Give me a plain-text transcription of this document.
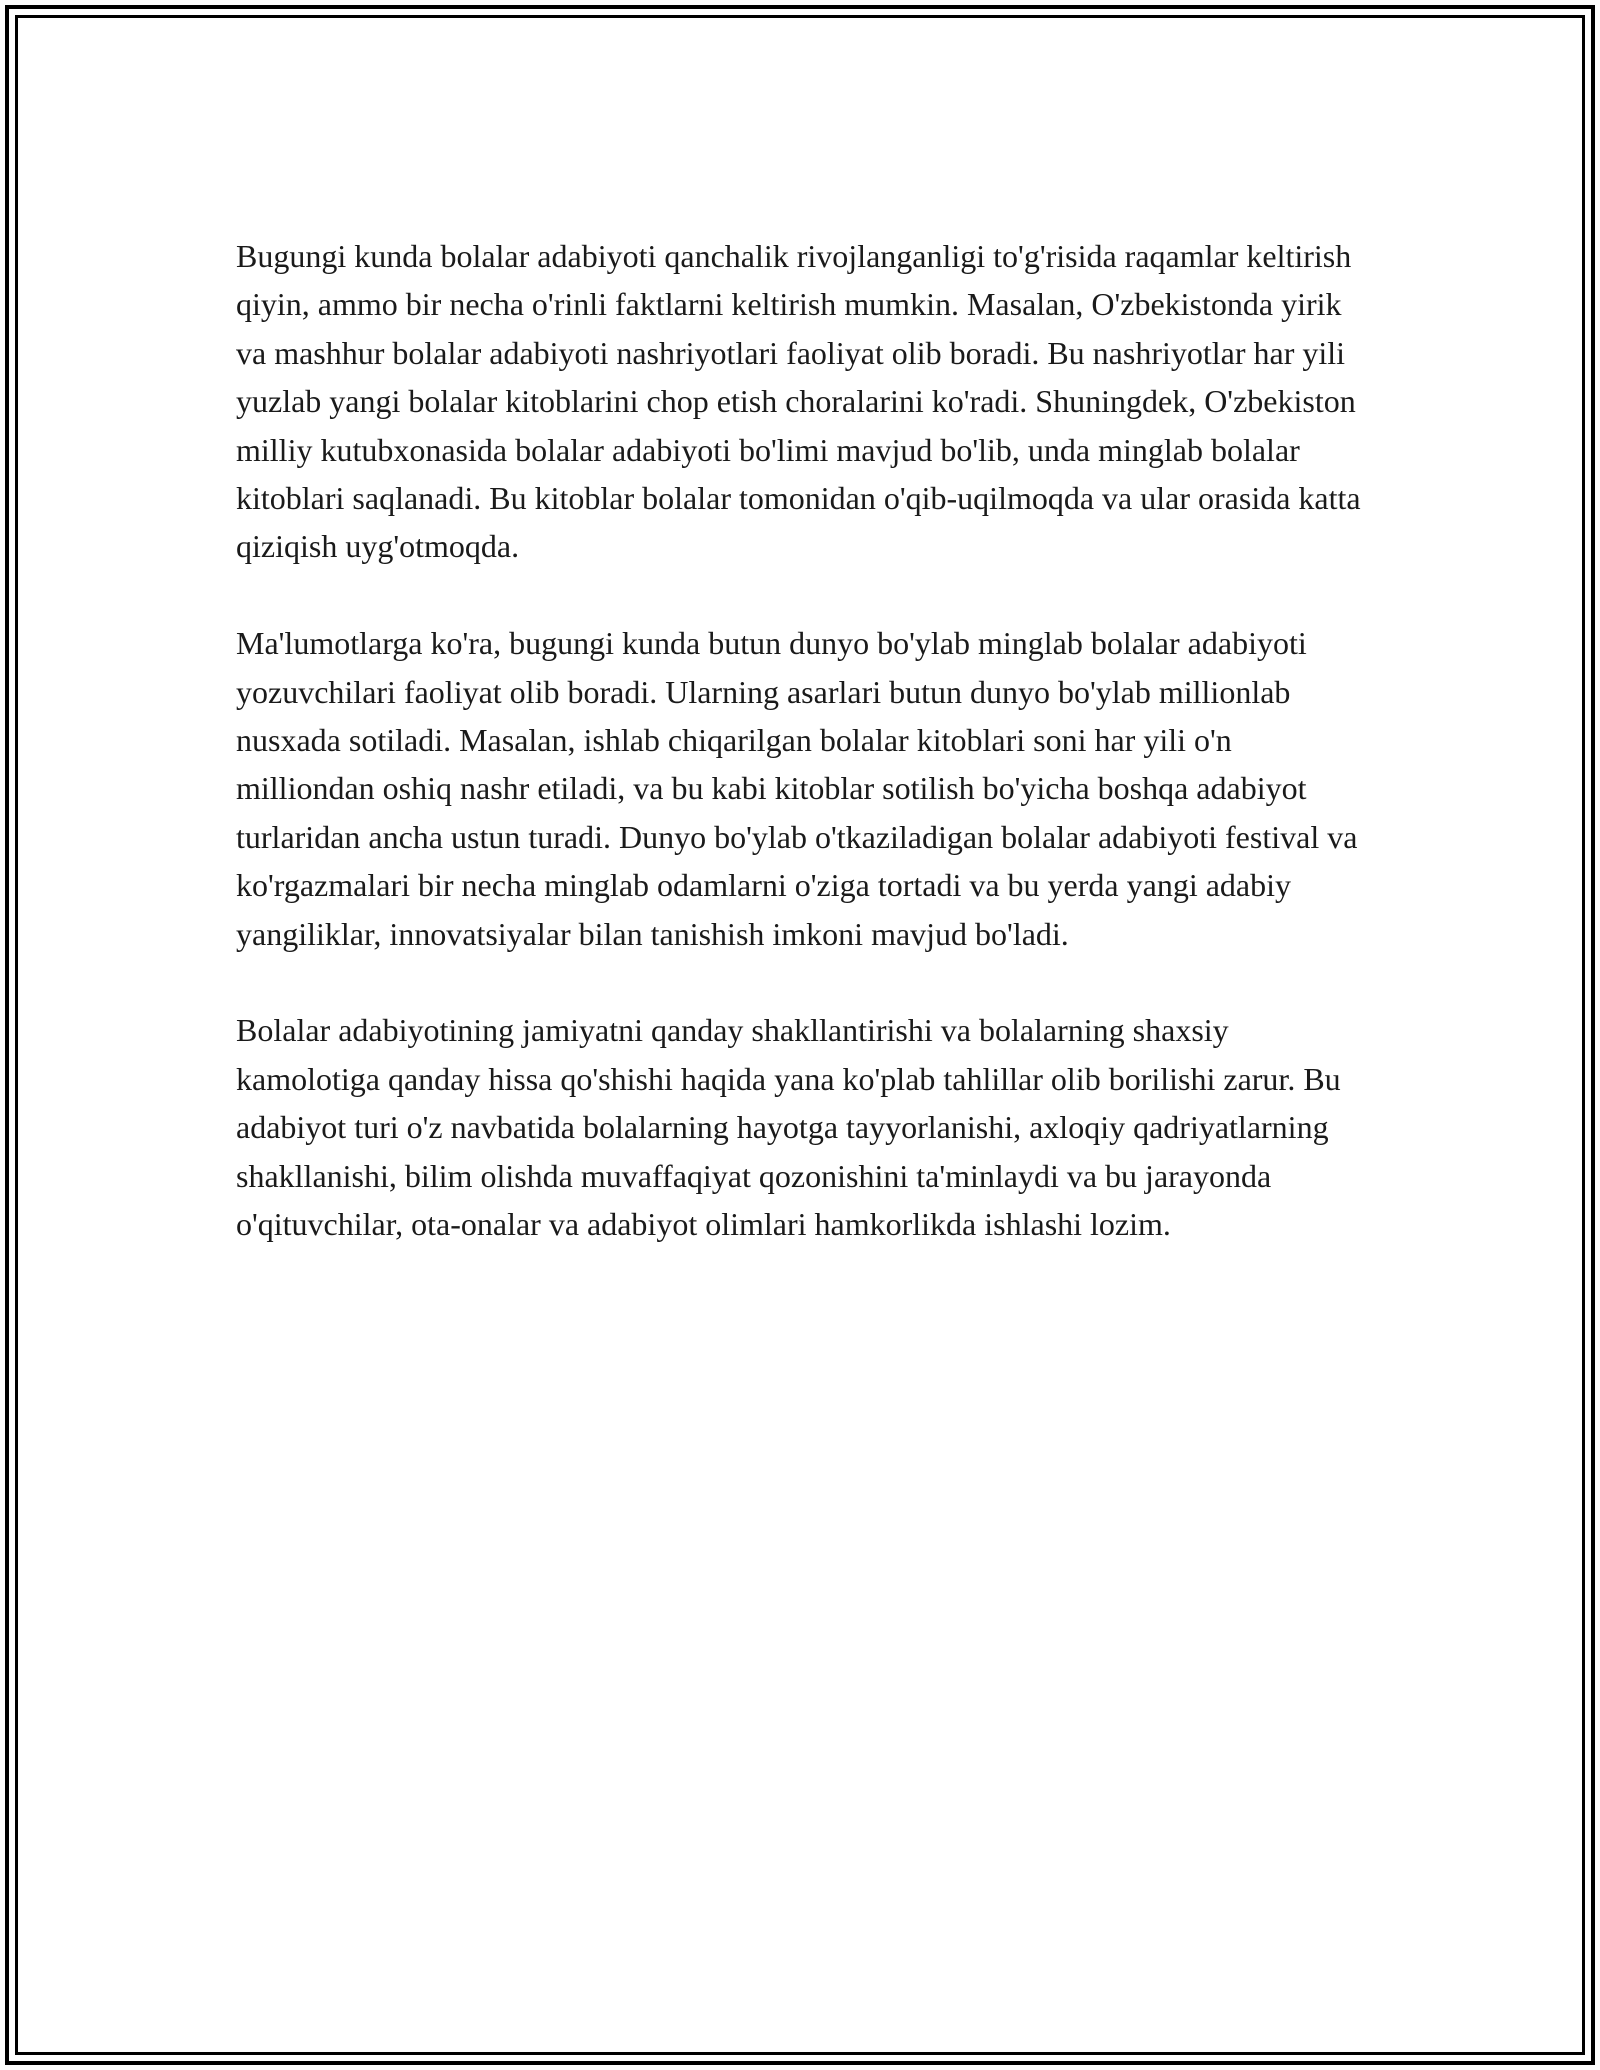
Bugungi kunda bolalar adabiyoti qanchalik rivojlanganligi to'g'risida raqamlar keltirish qiyin, ammo bir necha o'rinli faktlarni keltirish mumkin. Masalan, O'zbekistonda yirik va mashhur bolalar adabiyoti nashriyotlari faoliyat olib boradi. Bu nashriyotlar har yili yuzlab yangi bolalar kitoblarini chop etish choralarini ko'radi. Shuningdek, O'zbekiston milliy kutubxonasida bolalar adabiyoti bo'limi mavjud bo'lib, unda minglab bolalar kitoblari saqlanadi. Bu kitoblar bolalar tomonidan o'qib-uqilmoqda va ular orasida katta qiziqish uyg'otmoqda.

Ma'lumotlarga ko'ra, bugungi kunda butun dunyo bo'ylab minglab bolalar adabiyoti yozuvchilari faoliyat olib boradi. Ularning asarlari butun dunyo bo'ylab millionlab nusxada sotiladi. Masalan, ishlab chiqarilgan bolalar kitoblari soni har yili o'n milliondan oshiq nashr etiladi, va bu kabi kitoblar sotilish bo'yicha boshqa adabiyot turlaridan ancha ustun turadi. Dunyo bo'ylab o'tkaziladigan bolalar adabiyoti festival va ko'rgazmalari bir necha minglab odamlarni o'ziga tortadi va bu yerda yangi adabiy yangiliklar, innovatsiyalar bilan tanishish imkoni mavjud bo'ladi.

Bolalar adabiyotining jamiyatni qanday shakllantirishi va bolalarning shaxsiy kamolotiga qanday hissa qo'shishi haqida yana ko'plab tahlillar olib borilishi zarur. Bu adabiyot turi o'z navbatida bolalarning hayotga tayyorlanishi, axloqiy qadriyatlarning shakllanishi, bilim olishda muvaffaqiyat qozonishini ta'minlaydi va bu jarayonda o'qituvchilar, ota-onalar va adabiyot olimlari hamkorlikda ishlashi lozim.
